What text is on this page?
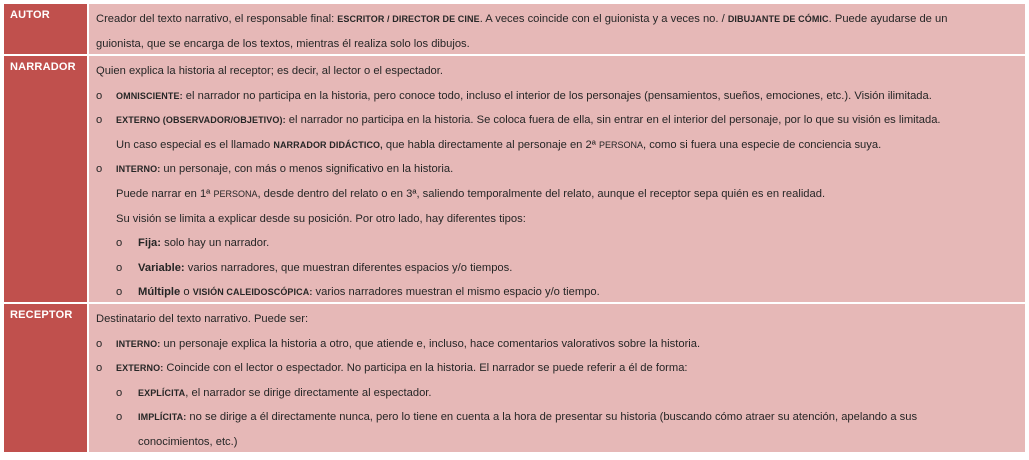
AUTOR	Creador del texto narrativo, el responsable final: ESCRITOR / DIRECTOR DE CINE. A veces coincide con el guionista y a veces no. / DIBUJANTE DE CÓMIC. Puede ayudarse de un
guionista, que se encarga de los textos, mientras él realiza solo los dibujos.
NARRADOR	Quien explica la historia al receptor; es decir, al lector o el espectador.
o OMNISCIENTE: el narrador no participa en la historia, pero conoce todo, incluso el interior de los personajes (pensamientos, sueños, emociones, etc.). Visión ilimitada.
o EXTERNO (OBSERVADOR/OBJETIVO): el narrador no participa en la historia. Se coloca fuera de ella, sin entrar en el interior del personaje, por lo que su visión es limitada.
Un caso especial es el llamado NARRADOR DIDÁCTICO, que habla directamente al personaje en 2ª PERSONA, como si fuera una especie de conciencia suya.
o INTERNO: un personaje, con más o menos significativo en la historia.
Puede narrar en 1ª PERSONA, desde dentro del relato o en 3ª, saliendo temporalmente del relato, aunque el receptor sepa quién es en realidad.
Su visión se limita a explicar desde su posición. Por otro lado, hay diferentes tipos:
o Fija: solo hay un narrador.
o Variable: varios narradores, que muestran diferentes espacios y/o tiempos.
o Múltiple o VISIÓN CALEIDOSCÓPICA: varios narradores muestran el mismo espacio y/o tiempo.
RECEPTOR	Destinatario del texto narrativo. Puede ser:
o INTERNO: un personaje explica la historia a otro, que atiende e, incluso, hace comentarios valorativos sobre la historia.
o EXTERNO: Coincide con el lector o espectador. No participa en la historia. El narrador se puede referir a él de forma:
o EXPLÍCITA, el narrador se dirige directamente al espectador.
o IMPLÍCITA: no se dirige a él directamente nunca, pero lo tiene en cuenta a la hora de presentar su historia (buscando cómo atraer su atención, apelando a sus
conocimientos, etc.)
